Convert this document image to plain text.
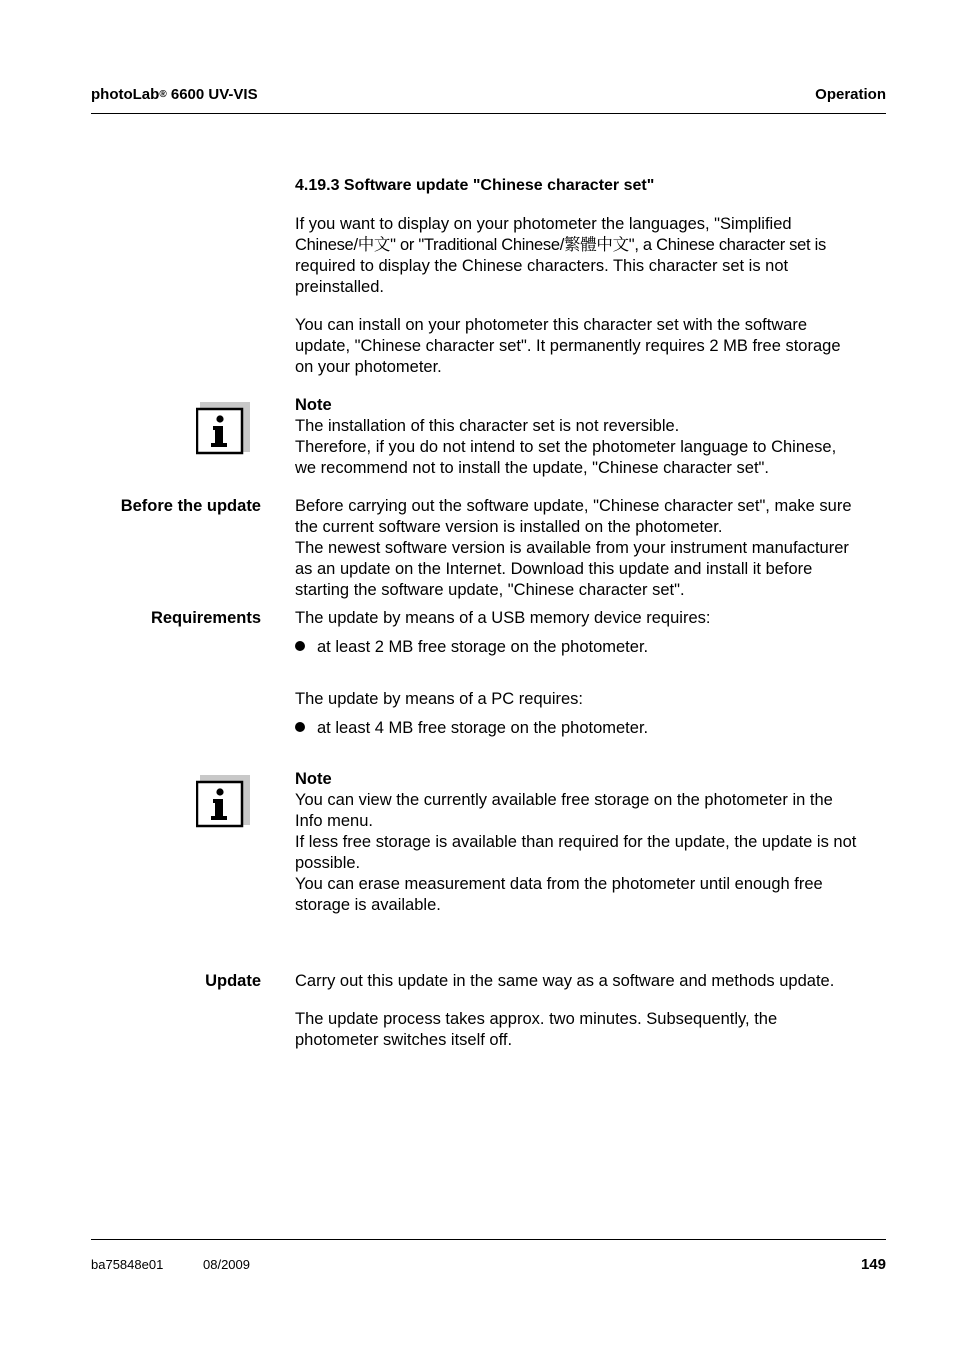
photoLab® 6600 UV-VIS	Operation
4.19.3 Software update "Chinese character set"

If you want to display on your photometer the languages, "Simplified

Chinese/中文" or "Traditional Chinese/繁體中文", a Chinese character set is

required to display the Chinese characters. This character set is not

preinstalled.

You can install on your photometer this character set with the software

update, "Chinese character set". It permanently requires 2 MB free storage

on your photometer.

Note

The installation of this character set is not reversible.

Therefore, if you do not intend to set the photometer language to Chinese,

we recommend not to install the update, "Chinese character set".

Before the update Before carrying out the software update, "Chinese character set", make sure

the current software version is installed on the photometer.

The newest software version is available from your instrument manufacturer

as an update on the Internet. Download this update and install it before

starting the software update, "Chinese character set".

Requirements The update by means of a USB memory device requires:
at least 2 MB free storage on the photometer.
The update by means of a PC requires:
at least 4 MB free storage on the photometer.

Note

You can view the currently available free storage on the photometer in the

Info menu.

If less free storage is available than required for the update, the update is not

possible.

You can erase measurement data from the photometer until enough free

storage is available.

Update Carry out this update in the same way as a software and methods update.

The update process takes approx. two minutes. Subsequently, the

photometer switches itself off.

ba75848e01	08/2009	149
